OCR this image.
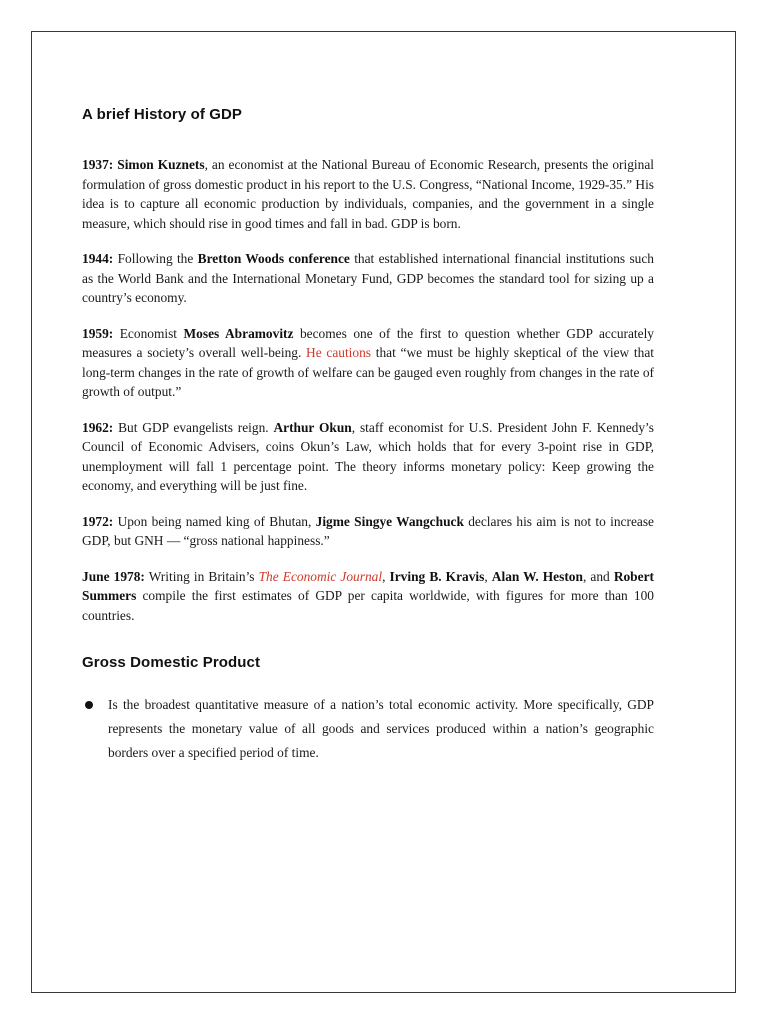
A brief History of GDP

1937: Simon Kuznets, an economist at the National Bureau of Economic Research, presents the original formulation of gross domestic product in his report to the U.S. Congress, “National Income, 1929-35.” His idea is to capture all economic production by individuals, companies, and the government in a single measure, which should rise in good times and fall in bad. GDP is born.

1944: Following the Bretton Woods conference that established international financial institutions such as the World Bank and the International Monetary Fund, GDP becomes the standard tool for sizing up a country’s economy.

1959: Economist Moses Abramovitz becomes one of the first to question whether GDP accurately measures a society’s overall well-being. He cautions that “we must be highly skeptical of the view that long-term changes in the rate of growth of welfare can be gauged even roughly from changes in the rate of growth of output.”

1962: But GDP evangelists reign. Arthur Okun, staff economist for U.S. President John F. Kennedy’s Council of Economic Advisers, coins Okun’s Law, which holds that for every 3-point rise in GDP, unemployment will fall 1 percentage point. The theory informs monetary policy: Keep growing the economy, and everything will be just fine.

1972: Upon being named king of Bhutan, Jigme Singye Wangchuck declares his aim is not to increase GDP, but GNH — “gross national happiness.”

June 1978: Writing in Britain’s The Economic Journal, Irving B. Kravis, Alan W. Heston, and Robert Summers compile the first estimates of GDP per capita worldwide, with figures for more than 100 countries.

Gross Domestic Product
Is the broadest quantitative measure of a nation’s total economic activity. More specifically, GDP represents the monetary value of all goods and services produced within a nation’s geographic borders over a specified period of time.
